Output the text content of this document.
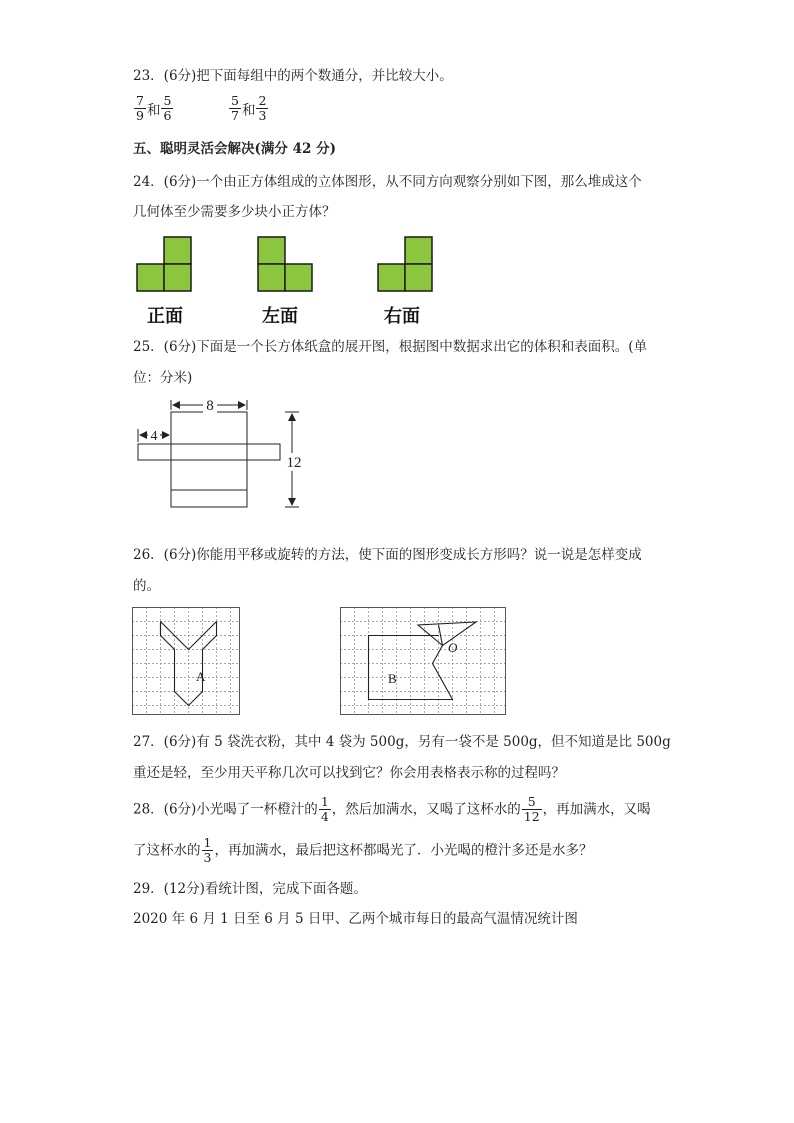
23．(6分)把下面每组中的两个数通分，并比较大小。
$\frac{7}{9}$ 和 $\frac{5}{6}$	$\frac{5}{7}$ 和 $\frac{2}{3}$
五、聪明灵活会解决(满分 42 分)
24．(6分)一个由正方体组成的立体图形，从不同方向观察分别如下图，那么堆成这个
几何体至少需要多少块小正方体？
正面	左面	右面
25．(6分)下面是一个长方体纸盒的展开图，根据图中数据求出它的体积和表面积。(单
位：分米)
8
4
12
26．(6分)你能用平移或旋转的方法，使下面的图形变成长方形吗？说一说是怎样变成
的。
A	B
O
27．(6分)有 5 袋洗衣粉，其中 4 袋为 500g，另有一袋不是 500g，但不知道是比 500g
重还是轻，至少用天平称几次可以找到它？你会用表格表示称的过程吗？
28．(6分)小光喝了一杯橙汁的 $\frac{1}{4}$ ，然后加满水，又喝了这杯水的 $\frac{5}{12}$ ，再加满水，又喝
了这杯水的 $\frac{1}{3}$ ，再加满水，最后把这杯都喝光了．小光喝的橙汁多还是水多？
29．(12分)看统计图，完成下面各题。
2020 年 6 月 1 日至 6 月 5 日甲、乙两个城市每日的最高气温情况统计图
